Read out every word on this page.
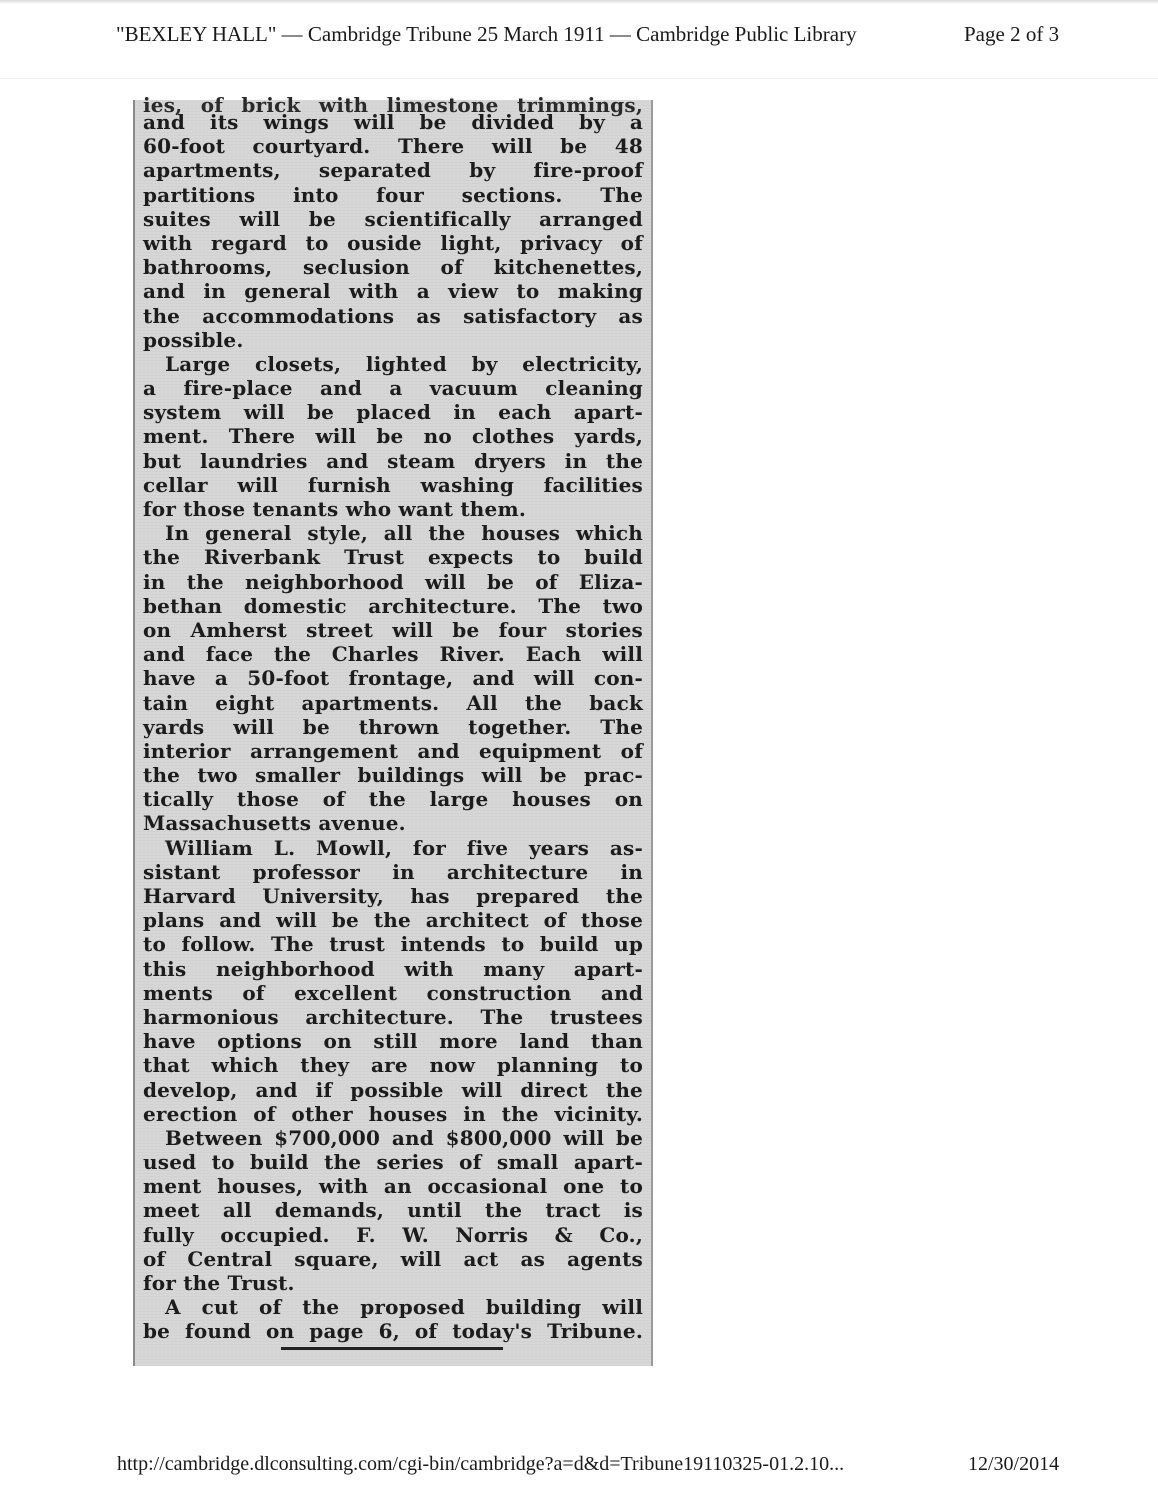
"BEXLEY HALL" — Cambridge Tribune 25 March 1911 — Cambridge Public Library	Page 2 of 3
ies, of brick with limestone trimmings,
and its wings will be divided by a
60-foot courtyard. There will be 48
apartments, separated by fire-proof
partitions into four sections. The
suites will be scientifically arranged
with regard to ouside light, privacy of
bathrooms, seclusion of kitchenettes,
and in general with a view to making
the accommodations as satisfactory as
possible.
Large closets, lighted by electricity,
a fire-place and a vacuum cleaning
system will be placed in each apart-
ment. There will be no clothes yards,
but laundries and steam dryers in the
cellar will furnish washing facilities
for those tenants who want them.
In general style, all the houses which
the Riverbank Trust expects to build
in the neighborhood will be of Eliza-
bethan domestic architecture. The two
on Amherst street will be four stories
and face the Charles River. Each will
have a 50-foot frontage, and will con-
tain eight apartments. All the back
yards will be thrown together. The
interior arrangement and equipment of
the two smaller buildings will be prac-
tically those of the large houses on
Massachusetts avenue.
William L. Mowll, for five years as-
sistant professor in architecture in
Harvard University, has prepared the
plans and will be the architect of those
to follow. The trust intends to build up
this neighborhood with many apart-
ments of excellent construction and
harmonious architecture. The trustees
have options on still more land than
that which they are now planning to
develop, and if possible will direct the
erection of other houses in the vicinity.
Between $700,000 and $800,000 will be
used to build the series of small apart-
ment houses, with an occasional one to
meet all demands, until the tract is
fully occupied. F. W. Norris & Co.,
of Central square, will act as agents
for the Trust.
A cut of the proposed building will
be found on page 6, of today's Tribune.
http://cambridge.dlconsulting.com/cgi-bin/cambridge?a=d&d=Tribune19110325-01.2.10...	12/30/2014
